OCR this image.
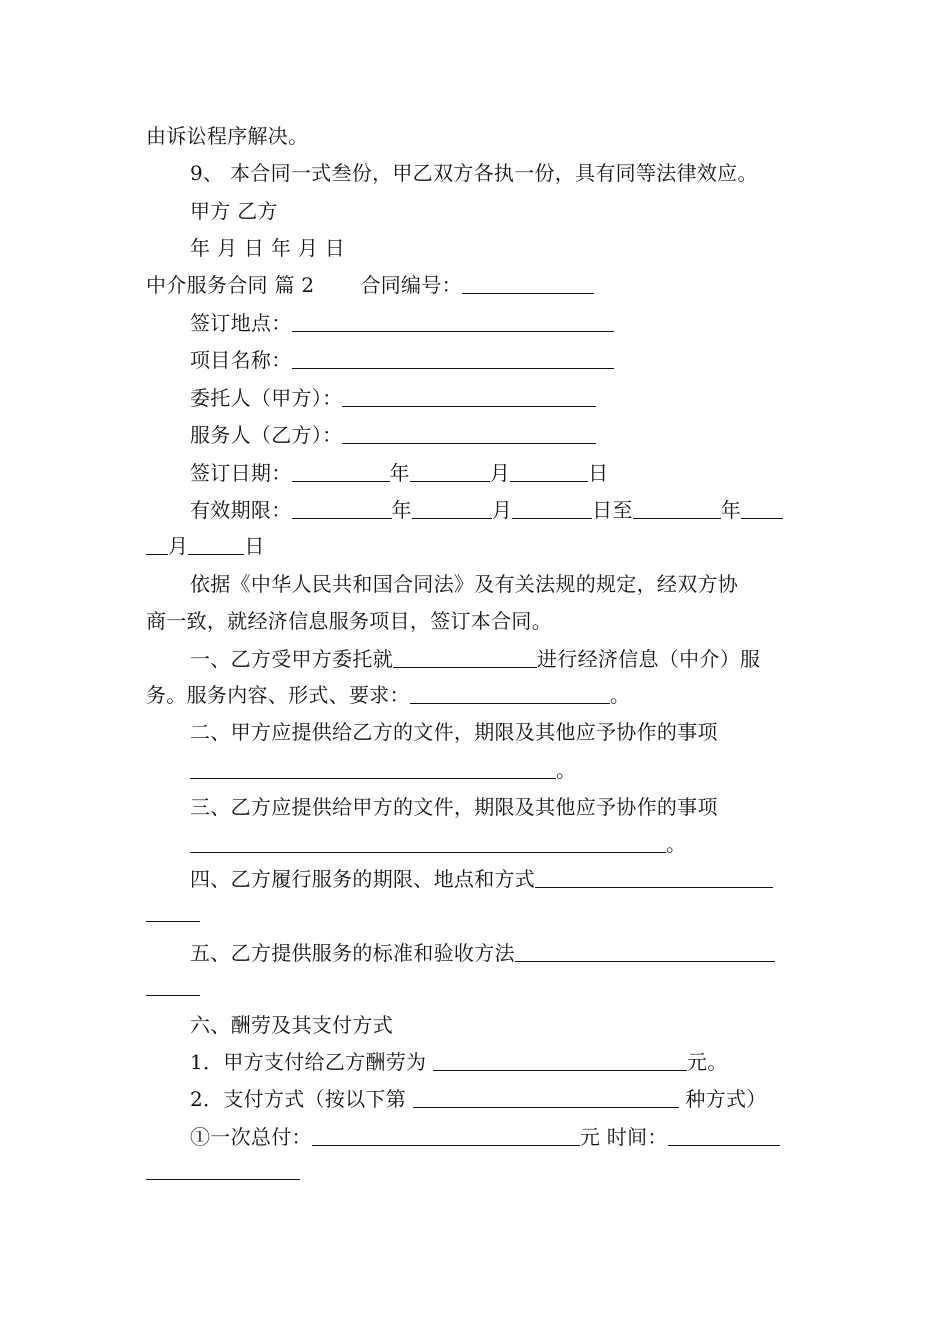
由诉讼程序解决。
9、 本合同一式叁份，甲乙双方各执一份，具有同等法律效应。
甲方 乙方
年 月 日 年 月 日
中介服务合同 篇 2 合同编号：
签订地点：
项目名称：
委托人（甲方）：
服务人（乙方）：
签订日期：	年	月	日
有效期限：	年	月	日至	年
月	日
依据《中华人民共和国合同法》及有关法规的规定，经双方协
商一致，就经济信息服务项目，签订本合同。
一、乙方受甲方委托就	进行经济信息（中介）服
务。服务内容、形式、要求：	。
二、甲方应提供给乙方的文件，期限及其他应予协作的事项
。
三、乙方应提供给甲方的文件，期限及其他应予协作的事项
。
四、乙方履行服务的期限、地点和方式
五、乙方提供服务的标准和验收方法
六、酬劳及其支付方式
1．甲方支付给乙方酬劳为	元。
2．支付方式（按以下第	种方式）
①一次总付：	元 时间：
